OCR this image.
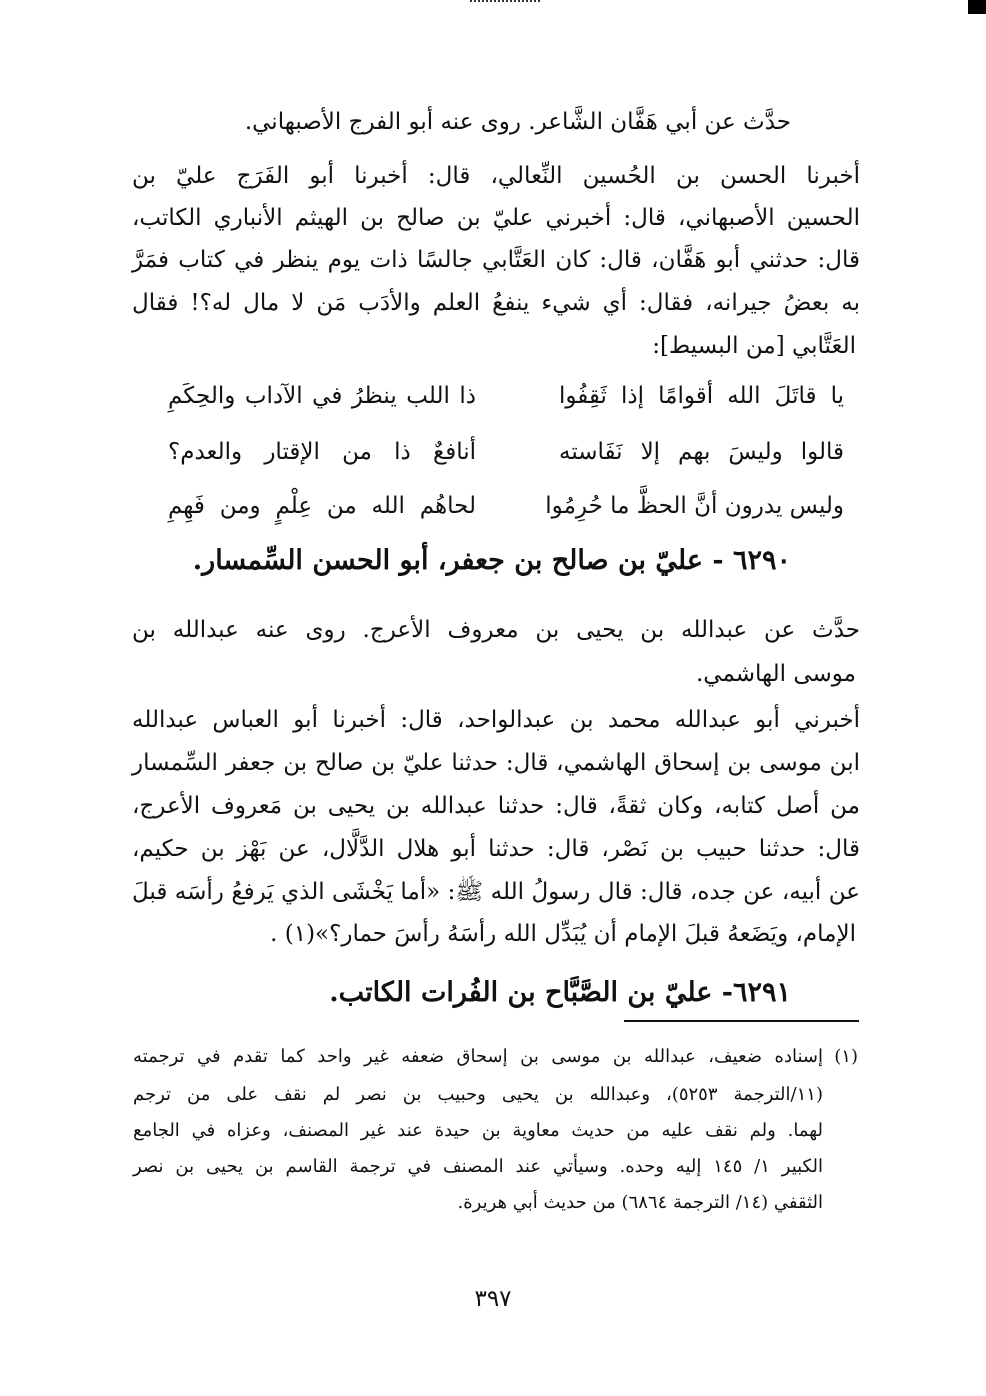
حدَّث عن أبي هَفَّان الشَّاعر. روى عنه أبو الفرج الأصبهاني.
أخبرنا الحسن بن الحُسين النِّعالي، قال: أخبرنا أبو الفَرَج عليّ بن
الحسين الأصبهاني، قال: أخبرني عليّ بن صالح بن الهيثم الأنباري الكاتب،
قال: حدثني أبو هَفَّان، قال: كان العَتَّابي جالسًا ذات يوم ينظر في كتاب فمَرَّ
به بعضُ جيرانه، فقال: أي شيء ينفعُ العلم والأدَب مَن لا مال له؟! فقال
العَتَّابي [من البسيط]:
يا قاتَلَ الله أقوامًا إذا ثَقِفُوا
ذا اللب ينظرُ في الآداب والحِكَمِ
قالوا وليسَ بهم إلا نَفَاسته
أنافعٌ ذا من الإقتار والعدم؟
وليس يدرون أنَّ الحظَّ ما حُرِمُوا
لحاهُم الله من عِلْمٍ ومن فَهِمِ
٦٢٩٠ - عليّ بن صالح بن جعفر، أبو الحسن السِّمسار.
حدَّث عن عبدالله بن يحيى بن معروف الأعرج. روى عنه عبدالله بن
موسى الهاشمي.
أخبرني أبو عبدالله محمد بن عبدالواحد، قال: أخبرنا أبو العباس عبدالله
ابن موسى بن إسحاق الهاشمي، قال: حدثنا عليّ بن صالح بن جعفر السِّمسار
من أصل كتابه، وكان ثقةً، قال: حدثنا عبدالله بن يحيى بن مَعروف الأعرج،
قال: حدثنا حبيب بن نَصْر، قال: حدثنا أبو هلال الدَّلَّال، عن بَهْز بن حكيم،
عن أبيه، عن جده، قال: قال رسولُ الله ﷺ: «أما يَخْشَى الذي يَرفعُ رأسَه قبلَ
الإمام، ويَضَعهُ قبلَ الإمام أن يُبَدِّل الله رأسَهُ رأسَ حمار؟»(١) .
٦٢٩١- عليّ بن الصَّبَّاح بن الفُرات الكاتب.
(١)
إسناده ضعيف، عبدالله بن موسى بن إسحاق ضعفه غير واحد كما تقدم في ترجمته
(١١/الترجمة ٥٢٥٣)، وعبدالله بن يحيى وحبيب بن نصر لم نقف على من ترجم
لهما. ولم نقف عليه من حديث معاوية بن حيدة عند غير المصنف، وعزاه في الجامع
الكبير ١/ ١٤٥ إليه وحده. وسيأتي عند المصنف في ترجمة القاسم بن يحيى بن نصر
الثقفي (١٤/ الترجمة ٦٨٦٤) من حديث أبي هريرة.
٣٩٧
